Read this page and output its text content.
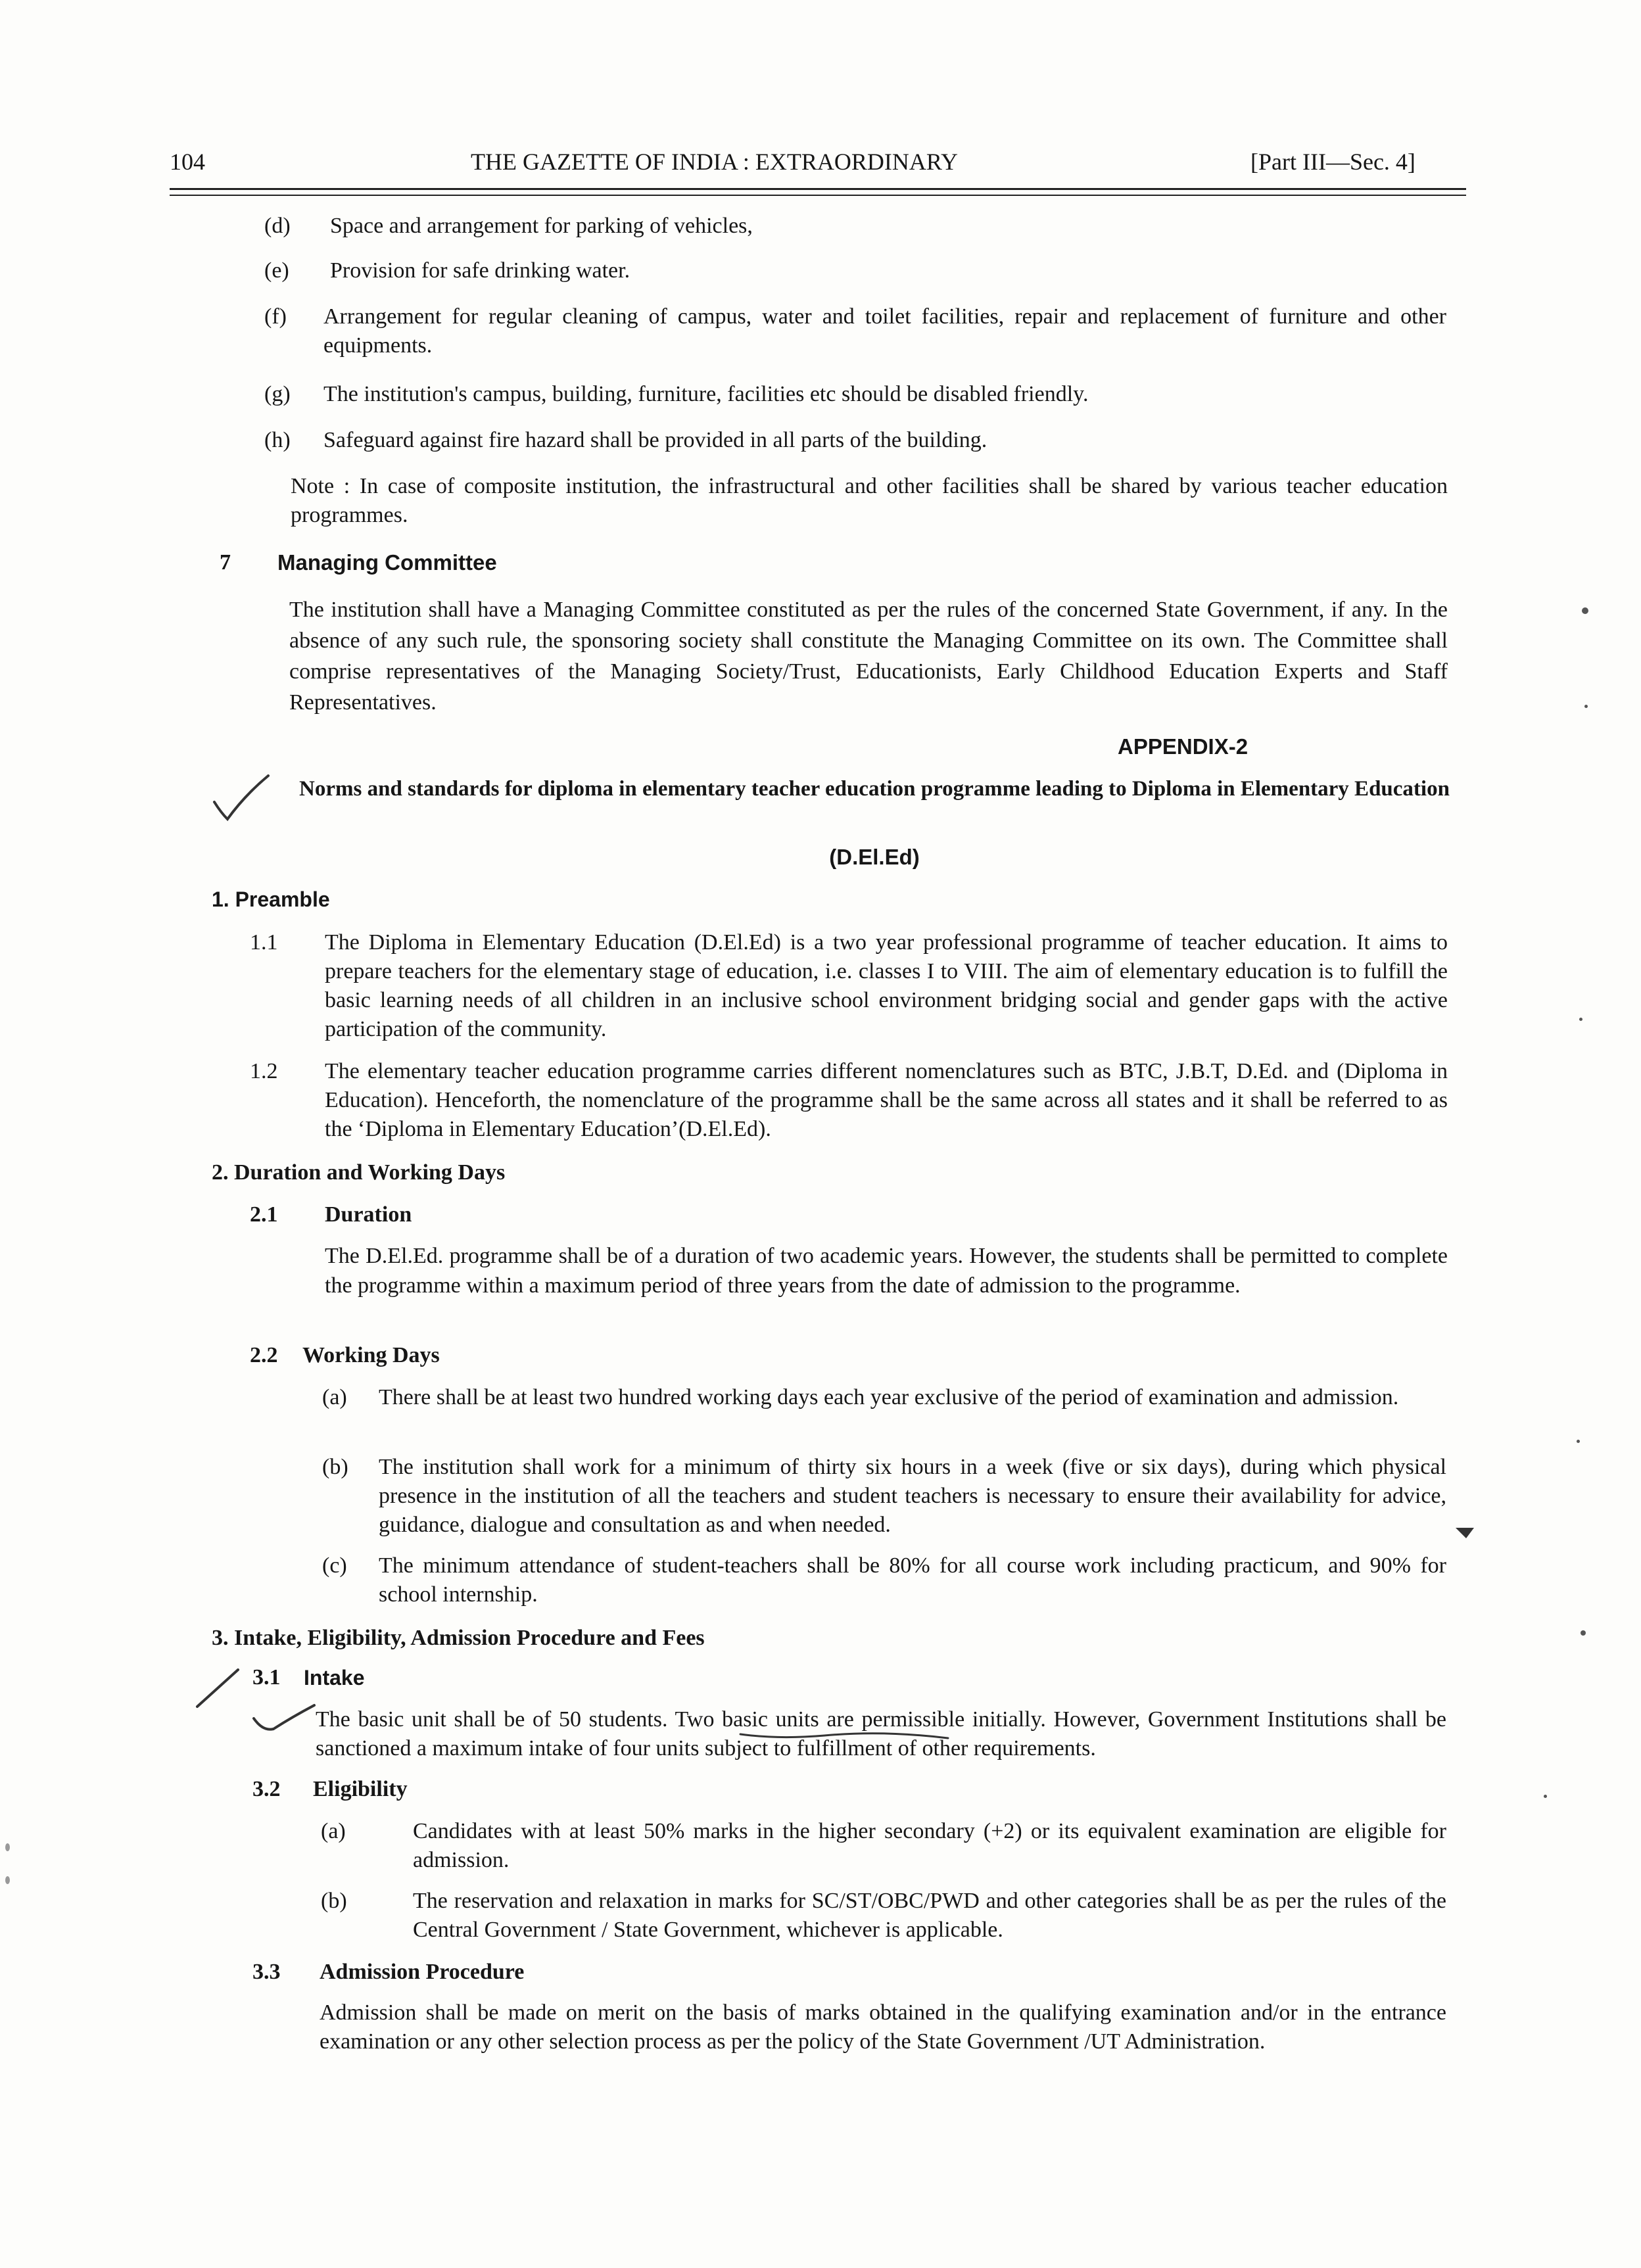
104	THE GAZETTE OF INDIA : EXTRAORDINARY	[Part III—Sec. 4]
(d) Space and arrangement for parking of vehicles,
(e) Provision for safe drinking water.
(f) Arrangement for regular cleaning of campus, water and toilet facilities, repair and replacement of furniture and other equipments.
(g) The institution's campus, building, furniture, facilities etc should be disabled friendly.
(h) Safeguard against fire hazard shall be provided in all parts of the building.
Note : In case of composite institution, the infrastructural and other facilities shall be shared by various teacher education programmes.
7 Managing Committee
The institution shall have a Managing Committee constituted as per the rules of the concerned State Government, if any. In the absence of any such rule, the sponsoring society shall constitute the Managing Committee on its own. The Committee shall comprise representatives of the Managing Society/Trust, Educationists, Early Childhood Education Experts and Staff Representatives.
APPENDIX-2
Norms and standards for diploma in elementary teacher education programme leading to Diploma in Elementary Education
(D.El.Ed)
1. Preamble
1.1 The Diploma in Elementary Education (D.El.Ed) is a two year professional programme of teacher education. It aims to prepare teachers for the elementary stage of education, i.e. classes I to VIII. The aim of elementary education is to fulfill the basic learning needs of all children in an inclusive school environment bridging social and gender gaps with the active participation of the community.
1.2 The elementary teacher education programme carries different nomenclatures such as BTC, J.B.T, D.Ed. and (Diploma in Education). Henceforth, the nomenclature of the programme shall be the same across all states and it shall be referred to as the ‘Diploma in Elementary Education’(D.El.Ed).
2. Duration and Working Days
2.1 Duration
The D.El.Ed. programme shall be of a duration of two academic years. However, the students shall be permitted to complete the programme within a maximum period of three years from the date of admission to the programme.
2.2 Working Days
(a) There shall be at least two hundred working days each year exclusive of the period of examination and admission.
(b) The institution shall work for a minimum of thirty six hours in a week (five or six days), during which physical presence in the institution of all the teachers and student teachers is necessary to ensure their availability for advice, guidance, dialogue and consultation as and when needed.
(c) The minimum attendance of student-teachers shall be 80% for all course work including practicum, and 90% for school internship.
3. Intake, Eligibility, Admission Procedure and Fees
3.1 Intake
The basic unit shall be of 50 students. Two basic units are permissible initially. However, Government Institutions shall be sanctioned a maximum intake of four units subject to fulfillment of other requirements.
3.2 Eligibility
(a)	Candidates with at least 50% marks in the higher secondary (+2) or its equivalent examination are eligible for admission.
(b)	The reservation and relaxation in marks for SC/ST/OBC/PWD and other categories shall be as per the rules of the Central Government / State Government, whichever is applicable.
3.3 Admission Procedure
Admission shall be made on merit on the basis of marks obtained in the qualifying examination and/or in the entrance examination or any other selection process as per the policy of the State Government /UT Administration.
